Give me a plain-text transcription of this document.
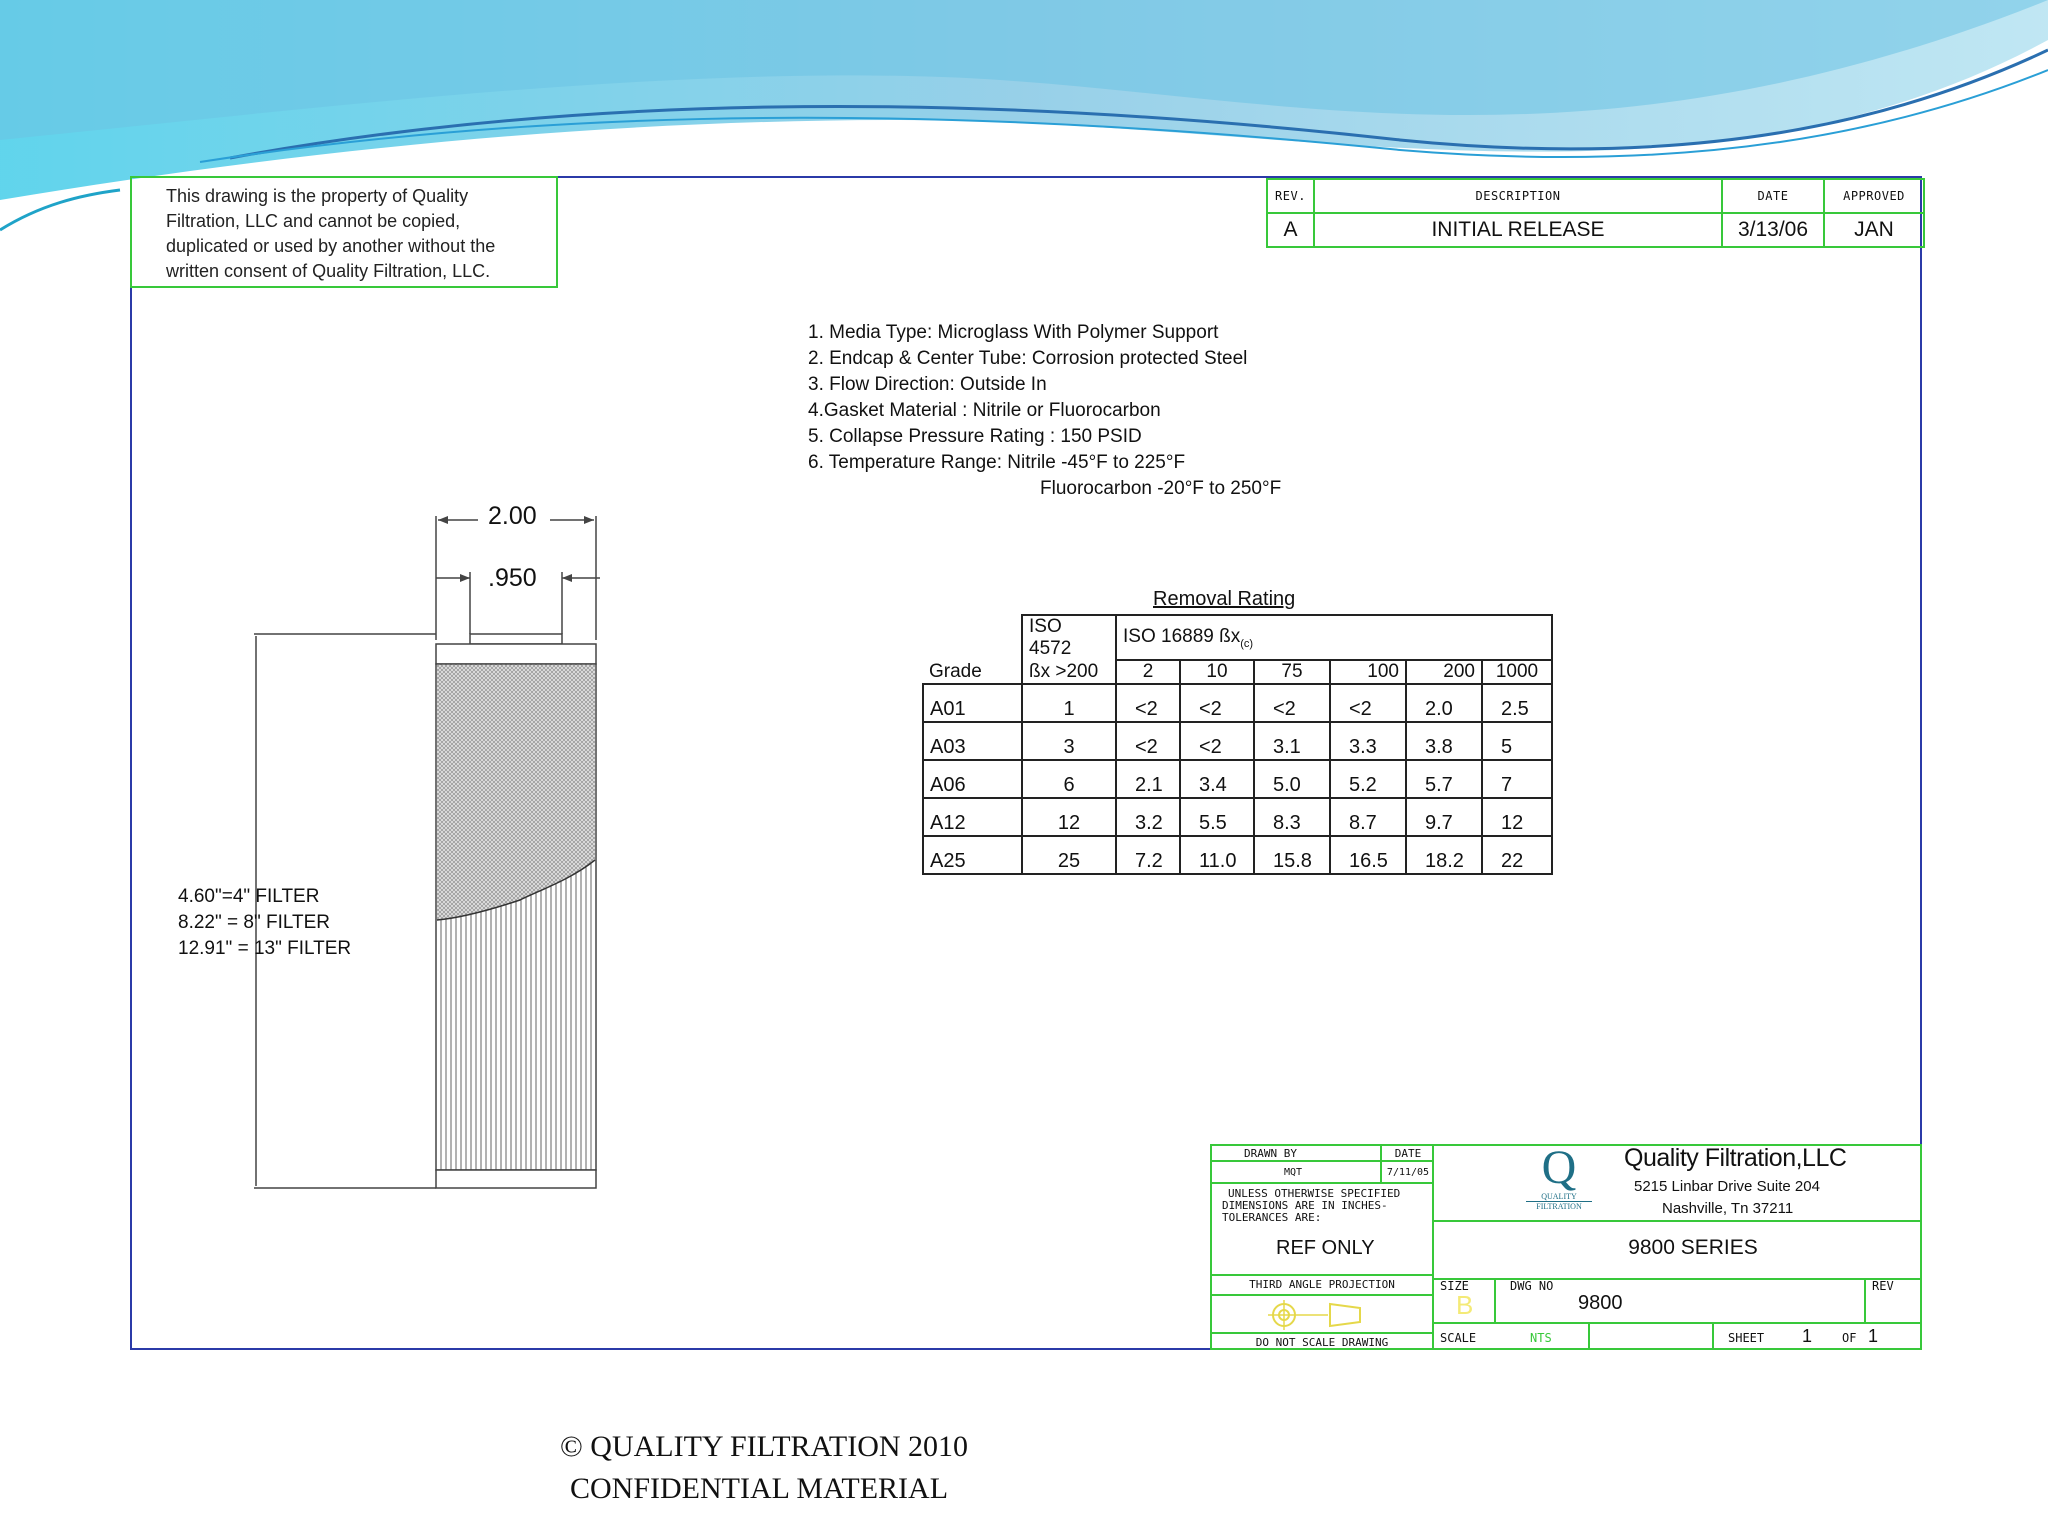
This drawing is the property of Quality
Filtration, LLC and cannot be copied,
duplicated or used by another without the
written consent of Quality Filtration, LLC.
REV.	DESCRIPTION	DATE	APPROVED
A	INITIAL RELEASE	3/13/06	JAN
1. Media Type: Microglass With Polymer Support
2. Endcap & Center Tube: Corrosion protected Steel
3. Flow Direction: Outside In
4.Gasket Material : Nitrile or Fluorocarbon
5. Collapse Pressure Rating : 150 PSID
6. Temperature Range: Nitrile -45°F to 225°F
Fluorocarbon -20°F to 250°F
2.00
.950
4.60"=4" FILTER
8.22" = 8" FILTER
12.91" = 13" FILTER
Removal Rating
Grade	ISO 4572	ISO 16889 $ßx_{(c)}$
	ßx >200	2	10	75	100	200	1000
A01	1	<2	<2	<2	<2	2.0	2.5
A03	3	<2	<2	3.1	3.3	3.8	5
A06	6	2.1	3.4	5.0	5.2	5.7	7
A12	12	3.2	5.5	8.3	8.7	9.7	12
A25	25	7.2	11.0	15.8	16.5	18.2	22
DRAWN BY	DATE
MQT	7/11/05
UNLESS OTHERWISE SPECIFIED
DIMENSIONS ARE IN INCHES-
TOLERANCES ARE:
REF ONLY
THIRD ANGLE PROJECTION
DO NOT SCALE DRAWING
Q
QUALITY
FILTRATION
Quality Filtration,LLC
5215 Linbar Drive Suite 204
Nashville, Tn 37211
9800 SERIES
SIZE
B
DWG NO
9800
REV
SCALE	NTS	SHEET 1 OF 1
© QUALITY FILTRATION 2010
CONFIDENTIAL MATERIAL
